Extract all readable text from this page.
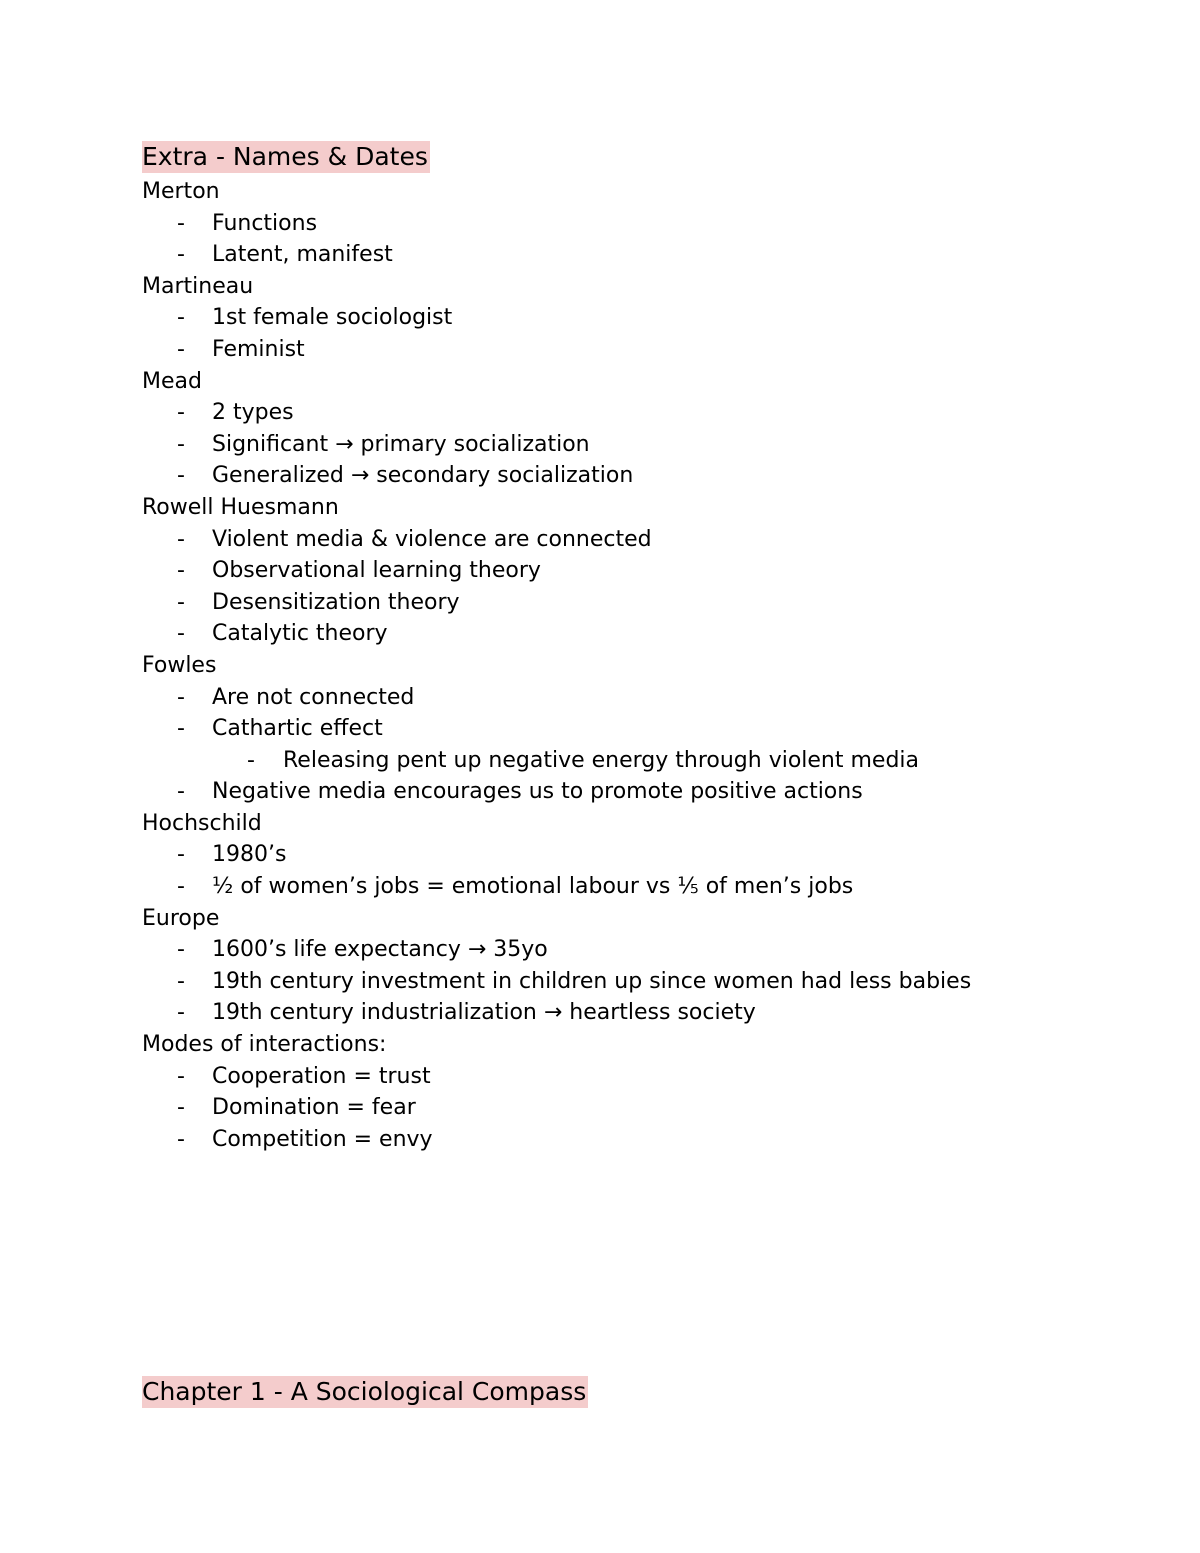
Extra - Names & Dates
Merton
- Functions
- Latent, manifest
Martineau
- 1st female sociologist
- Feminist
Mead
- 2 types
- Significant → primary socialization
- Generalized → secondary socialization
Rowell Huesmann
- Violent media & violence are connected
- Observational learning theory
- Desensitization theory
- Catalytic theory
Fowles
- Are not connected
- Cathartic effect
- Releasing pent up negative energy through violent media
- Negative media encourages us to promote positive actions
Hochschild
- 1980’s
- ½ of women’s jobs = emotional labour vs ⅕ of men’s jobs
Europe
- 1600’s life expectancy → 35yo
- 19th century investment in children up since women had less babies
- 19th century industrialization → heartless society
Modes of interactions:
- Cooperation = trust
- Domination = fear
- Competition = envy
Chapter 1 - A Sociological Compass
